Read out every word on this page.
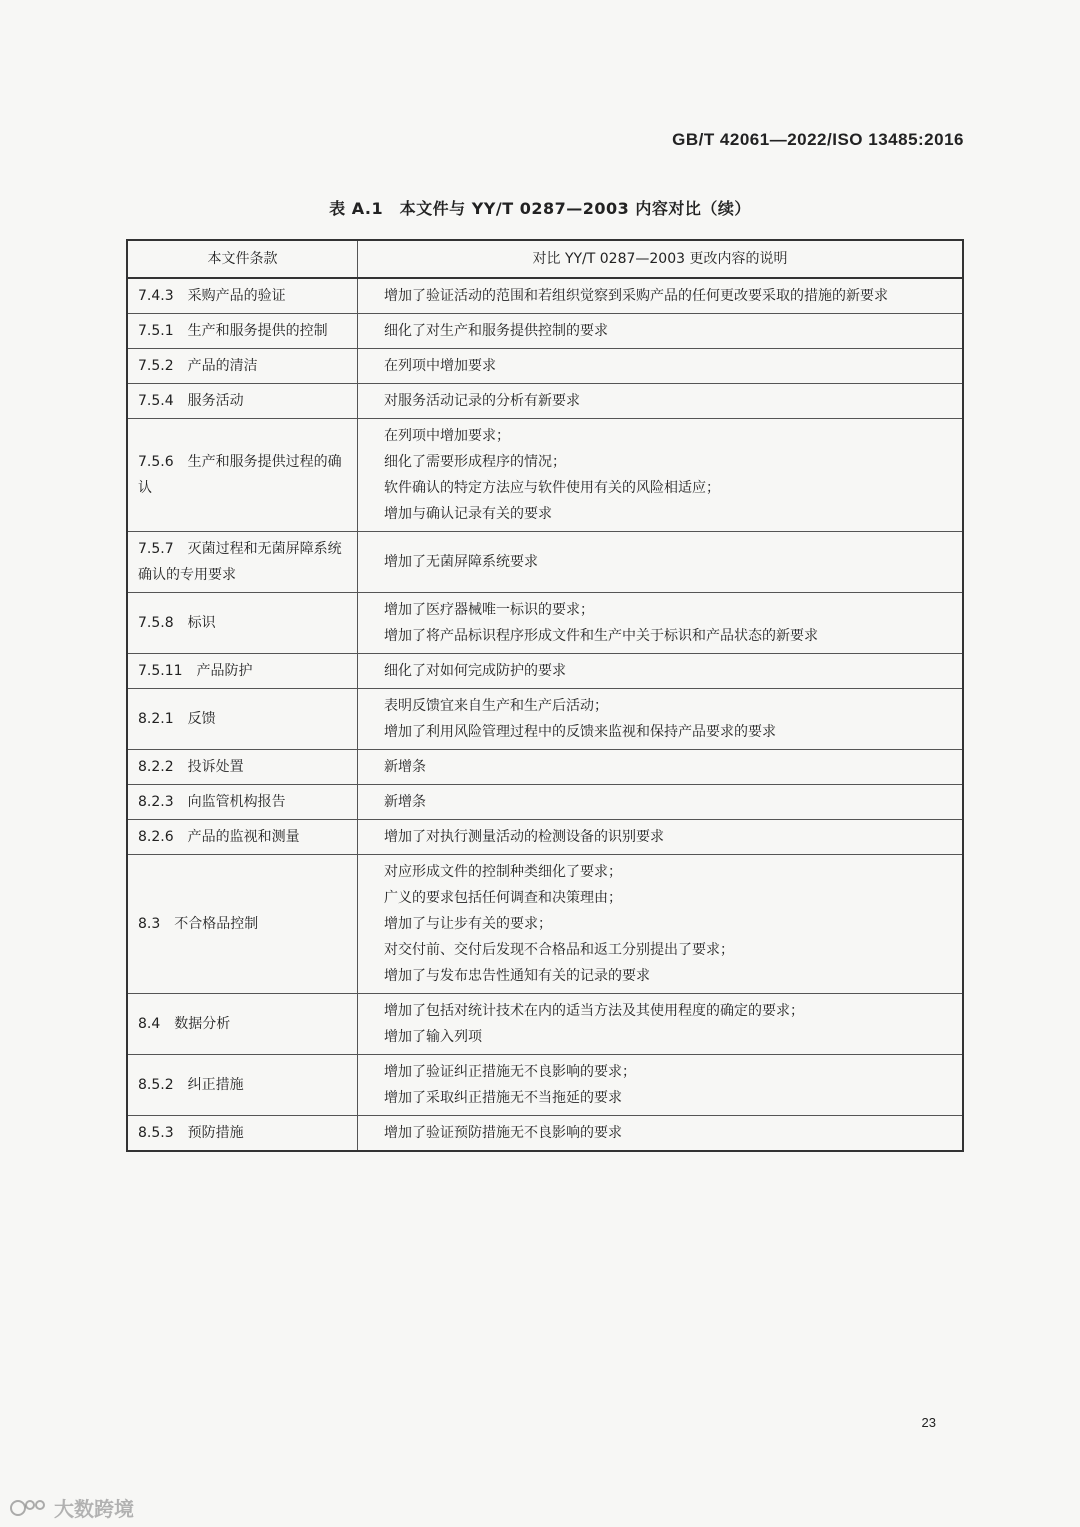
GB/T 42061—2022/ISO 13485:2016
表 A.1　本文件与 YY/T 0287—2003 内容对比（续）
本文件条款	对比 YY/T 0287—2003 更改内容的说明

7.4.3　采购产品的验证	增加了验证活动的范围和若组织觉察到采购产品的任何更改要采取的措施的新要求

7.5.1　生产和服务提供的控制	细化了对生产和服务提供控制的要求

7.5.2　产品的清洁	在列项中增加要求

7.5.4　服务活动	对服务活动记录的分析有新要求

7.5.6　生产和服务提供过程的确认	在列项中增加要求；
细化了需要形成程序的情况；
软件确认的特定方法应与软件使用有关的风险相适应；
增加与确认记录有关的要求

7.5.7　灭菌过程和无菌屏障系统确认的专用要求	增加了无菌屏障系统要求

7.5.8　标识	增加了医疗器械唯一标识的要求；
增加了将产品标识程序形成文件和生产中关于标识和产品状态的新要求

7.5.11　产品防护	细化了对如何完成防护的要求

8.2.1　反馈	表明反馈宜来自生产和生产后活动；
增加了利用风险管理过程中的反馈来监视和保持产品要求的要求

8.2.2　投诉处置	新增条

8.2.3　向监管机构报告	新增条

8.2.6　产品的监视和测量	增加了对执行测量活动的检测设备的识别要求

8.3　不合格品控制	对应形成文件的控制种类细化了要求；
广义的要求包括任何调查和决策理由；
增加了与让步有关的要求；
对交付前、交付后发现不合格品和返工分别提出了要求；
增加了与发布忠告性通知有关的记录的要求

8.4　数据分析	增加了包括对统计技术在内的适当方法及其使用程度的确定的要求；
增加了输入列项

8.5.2　纠正措施	增加了验证纠正措施无不良影响的要求；
增加了采取纠正措施无不当拖延的要求

8.5.3　预防措施	增加了验证预防措施无不良影响的要求
23
大数跨境
